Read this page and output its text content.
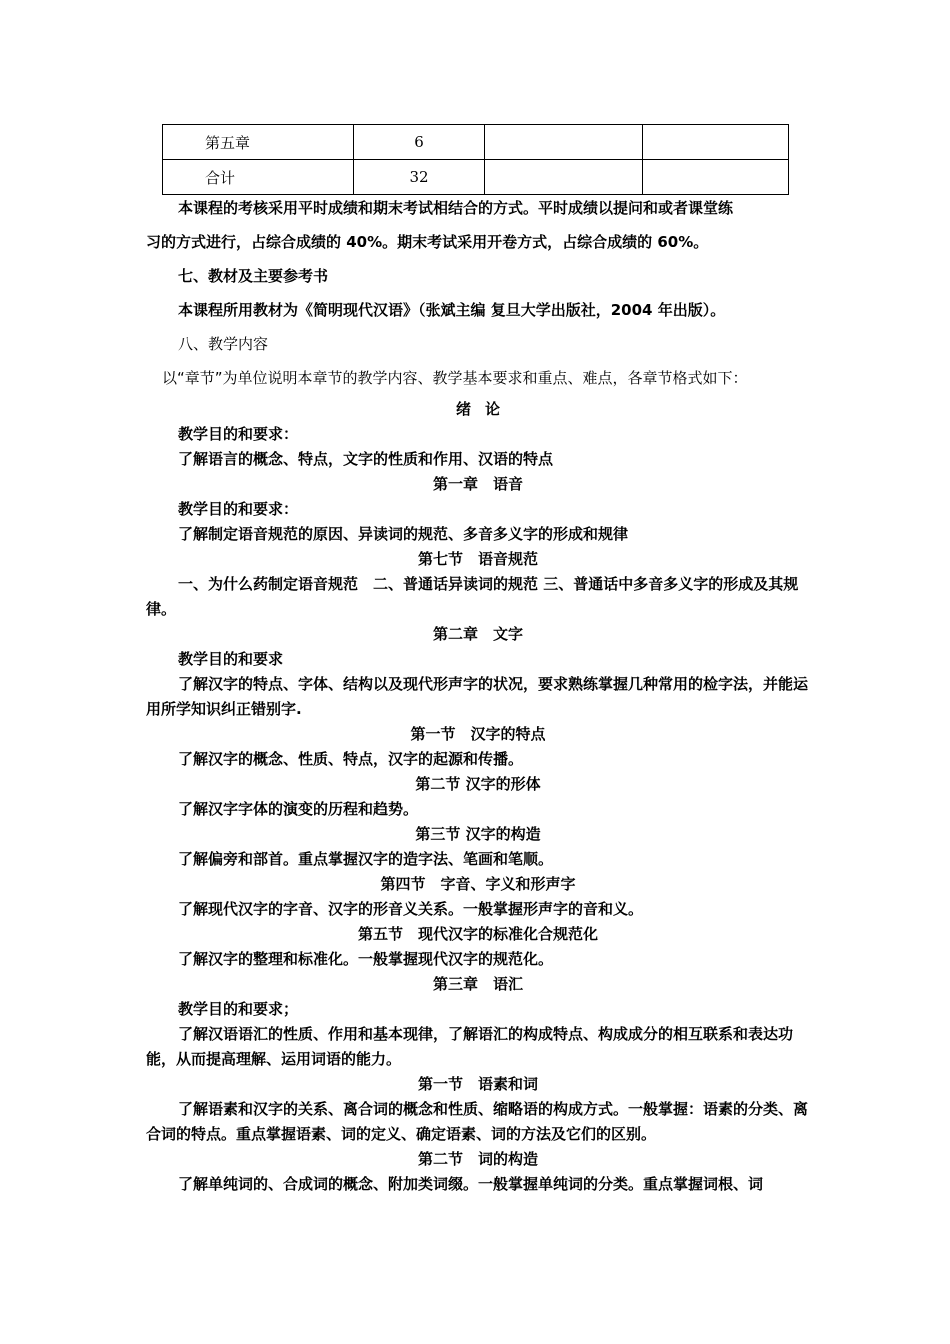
第五章	6		
合计	32		

本课程的考核采用平时成绩和期末考试相结合的方式。平时成绩以提问和或者课堂练

习的方式进行，占综合成绩的 40%。期末考试采用开卷方式，占综合成绩的 60%。

七、教材及主要参考书

本课程所用教材为《简明现代汉语》（张斌主编 复旦大学出版社，2004 年出版）。

八、教学内容

以“章节”为单位说明本章节的教学内容、教学基本要求和重点、难点，各章节格式如下：

绪论

教学目的和要求：

了解语言的概念、特点，文字的性质和作用、汉语的特点

第一章　语音

教学目的和要求：

了解制定语音规范的原因、异读词的规范、多音多义字的形成和规律

第七节　语音规范

一、为什么药制定语音规范　二、普通话异读词的规范 三、普通话中多音多义字的形成及其规律。

第二章　文字

教学目的和要求

了解汉字的特点、字体、结构以及现代形声字的状况，要求熟练掌握几种常用的检字法，并能运用所学知识纠正错别字.

第一节　汉字的特点

了解汉字的概念、性质、特点，汉字的起源和传播。

第二节 汉字的形体

了解汉字字体的演变的历程和趋势。

第三节 汉字的构造

了解偏旁和部首。重点掌握汉字的造字法、笔画和笔顺。

第四节　字音、字义和形声字

了解现代汉字的字音、汉字的形音义关系。一般掌握形声字的音和义。

第五节　现代汉字的标准化合规范化

了解汉字的整理和标准化。一般掌握现代汉字的规范化。

第三章　语汇

教学目的和要求；

了解汉语语汇的性质、作用和基本现律，了解语汇的构成特点、构成成分的相互联系和表达功能，从而提高理解、运用词语的能力。

第一节　语素和词

了解语素和汉字的关系、离合词的概念和性质、缩略语的构成方式。一般掌握：语素的分类、离合词的特点。重点掌握语素、词的定义、确定语素、词的方法及它们的区别。

第二节　词的构造

了解单纯词的、合成词的概念、附加类词缀。一般掌握单纯词的分类。重点掌握词根、词
